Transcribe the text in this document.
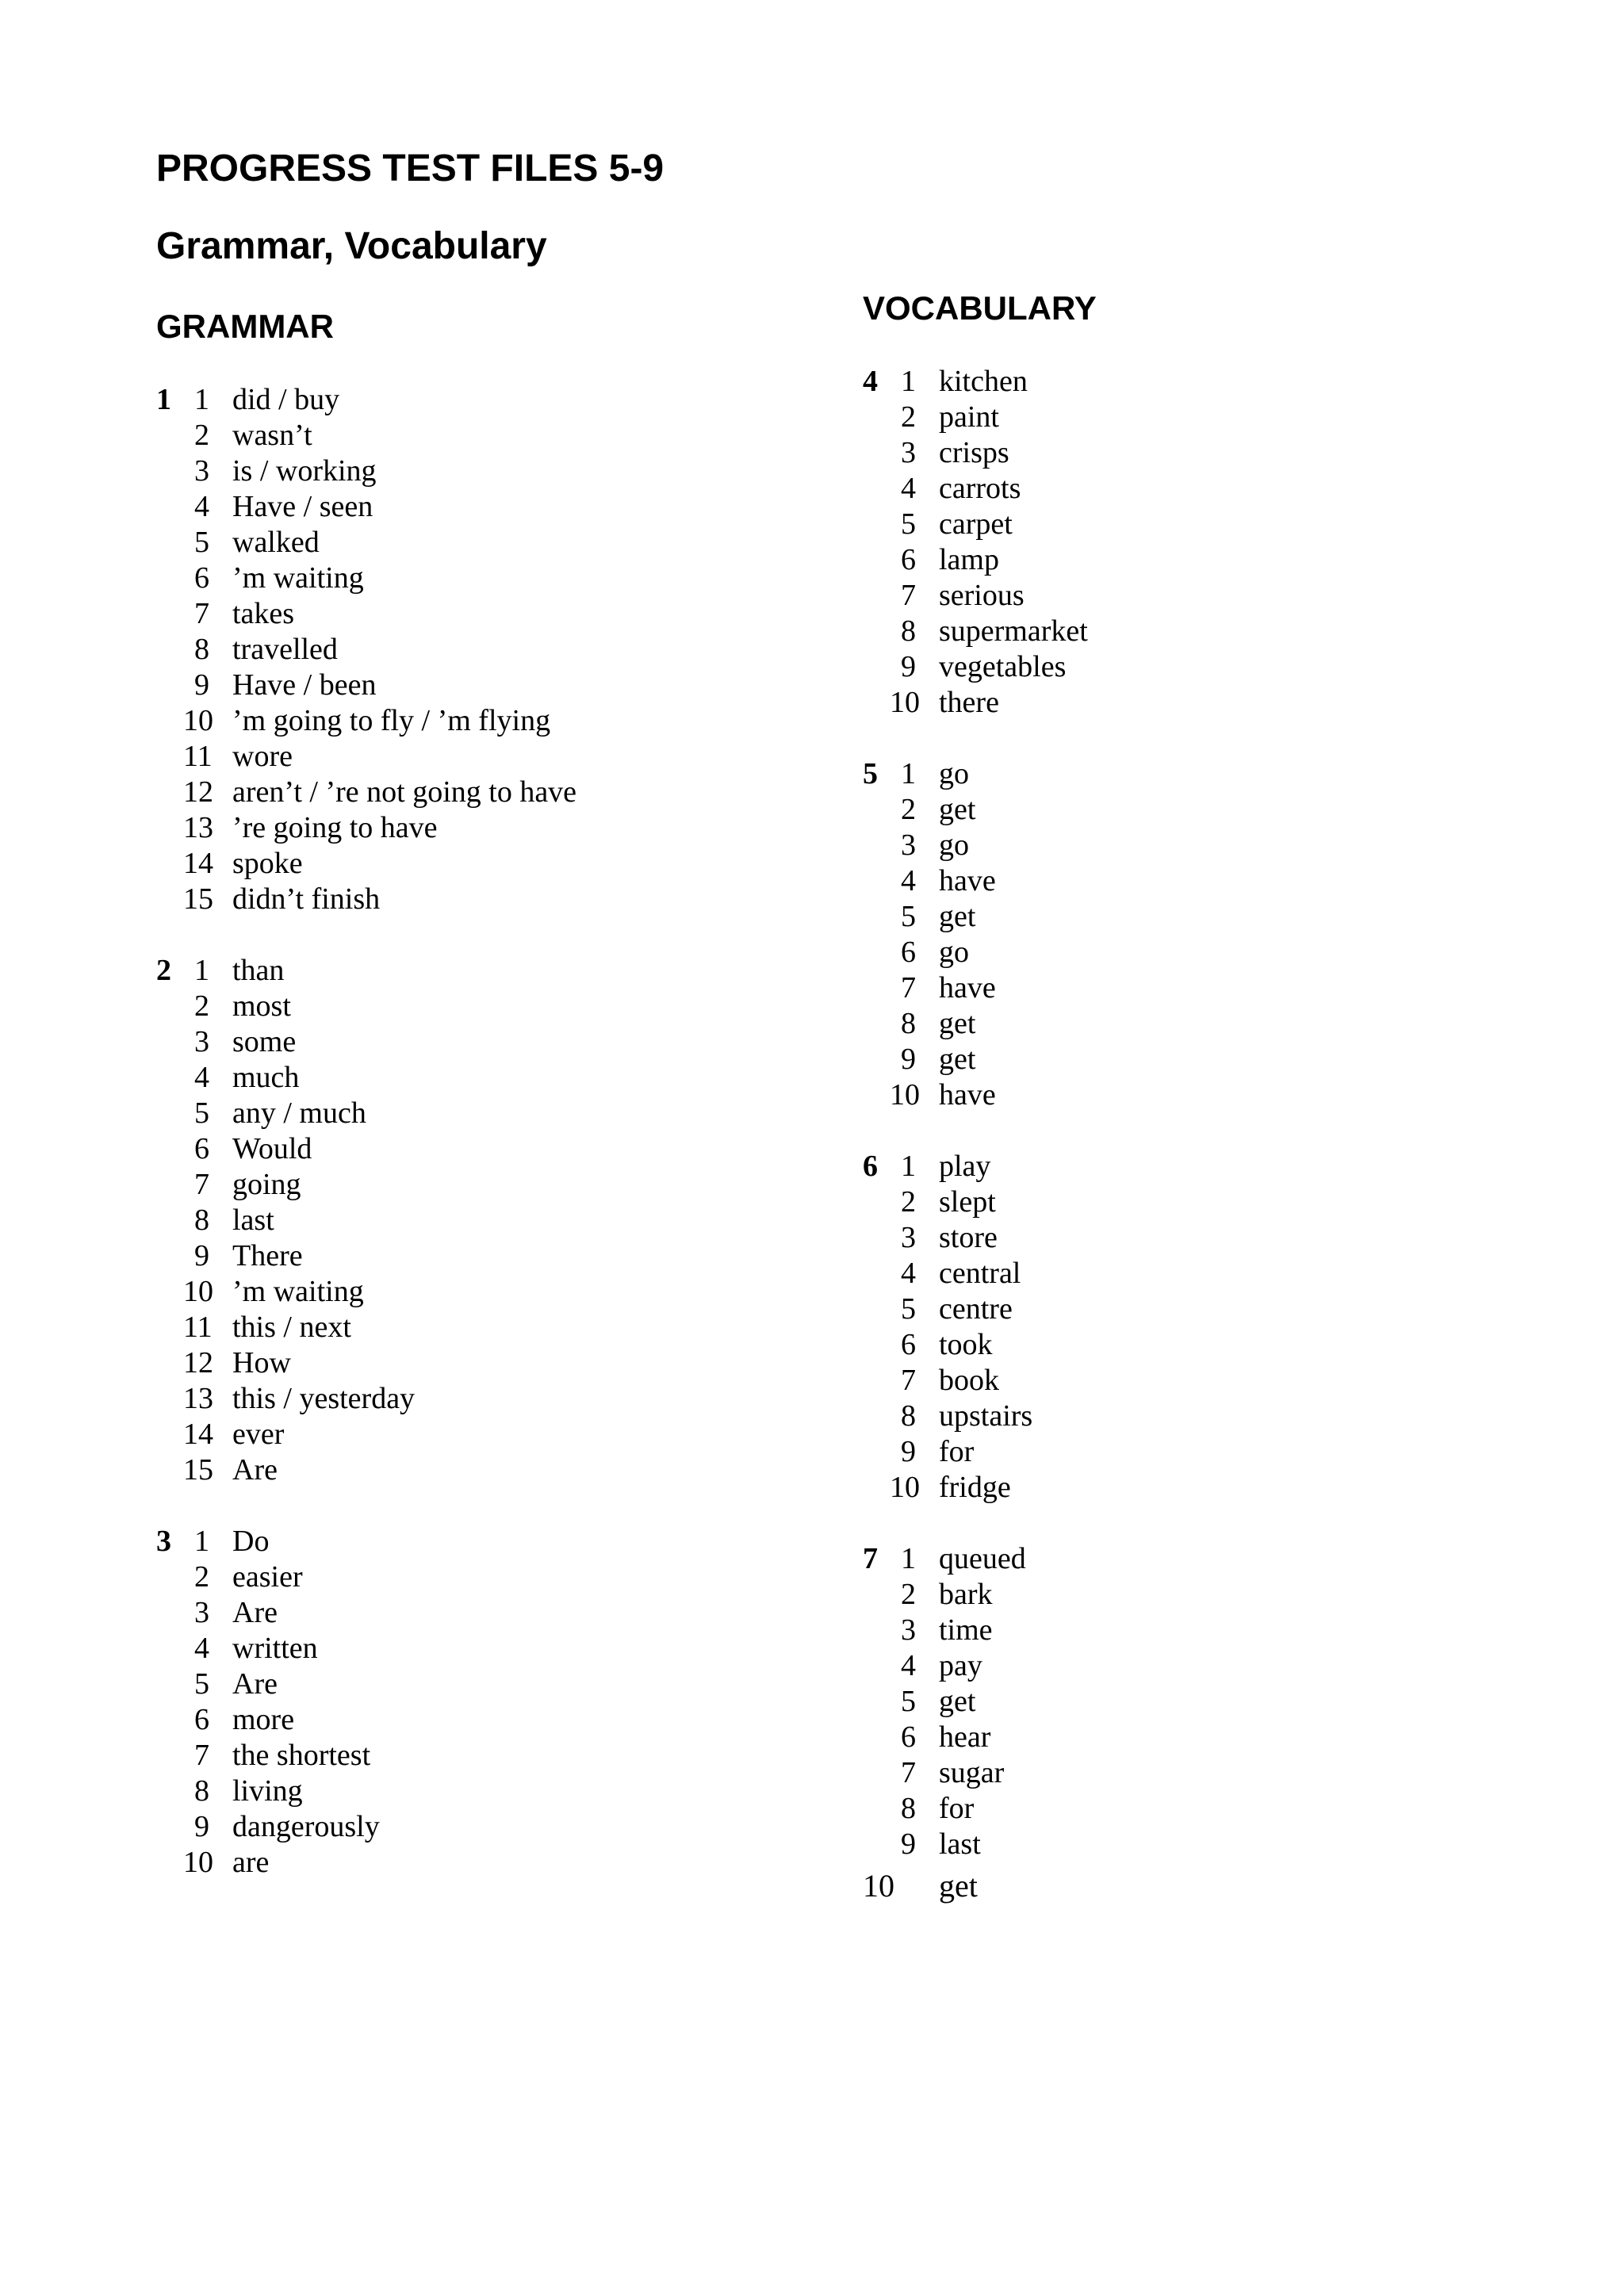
PROGRESS TEST FILES 5-9
Grammar, Vocabulary
GRAMMAR	VOCABULARY
1 1 did / buy
2 wasn’t
3 is / working
4 Have / seen
5 walked
6 ’m waiting
7 takes
8 travelled
9 Have / been
10 ’m going to fly / ’m flying
11 wore
12 aren’t / ’re not going to have
13 ’re going to have
14 spoke
15 didn’t finish
2 1 than
2 most
3 some
4 much
5 any / much
6 Would
7 going
8 last
9 There
10 ’m waiting
11 this / next
12 How
13 this / yesterday
14 ever
15 Are
3 1 Do
2 easier
3 Are
4 written
5 Are
6 more
7 the shortest
8 living
9 dangerously
10 are
4 1 kitchen
2 paint
3 crisps
4 carrots
5 carpet
6 lamp
7 serious
8 supermarket
9 vegetables
10 there
5 1 go
2 get
3 go
4 have
5 get
6 go
7 have
8 get
9 get
10 have
6 1 play
2 slept
3 store
4 central
5 centre
6 took
7 book
8 upstairs
9 for
10 fridge
7 1 queued
2 bark
3 time
4 pay
5 get
6 hear
7 sugar
8 for
9 last
10 get
